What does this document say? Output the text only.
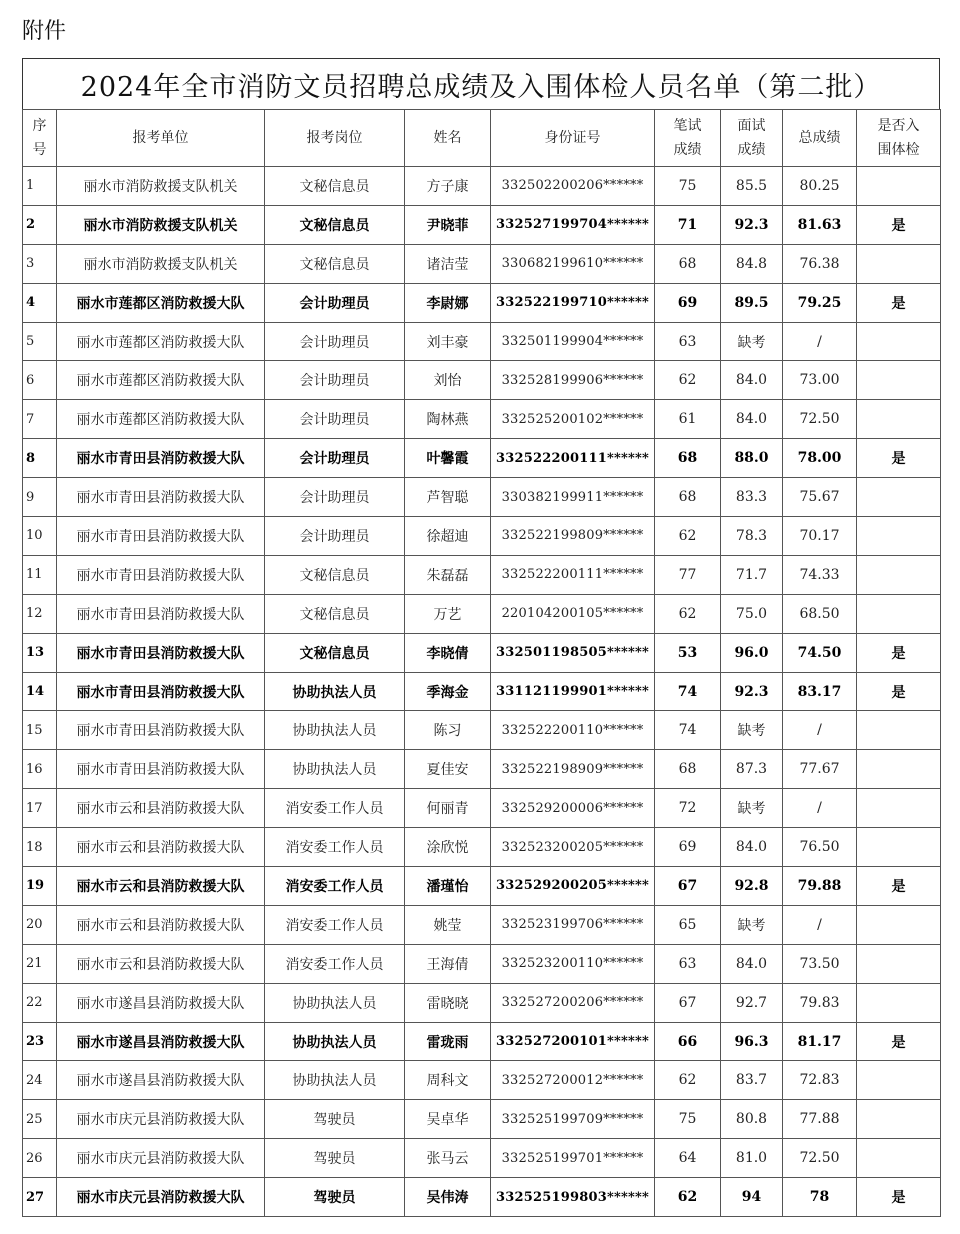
附件
2024年全市消防文员招聘总成绩及入围体检人员名单（第二批）
序号	报考单位	报考岗位	姓名	身份证号	笔试成绩	面试成绩	总成绩	是否入围体检
1	丽水市消防救援支队机关	文秘信息员	方子康	332502200206******	75	85.5	80.25	
2	丽水市消防救援支队机关	文秘信息员	尹晓菲	332527199704******	71	92.3	81.63	是
3	丽水市消防救援支队机关	文秘信息员	诸洁莹	330682199610******	68	84.8	76.38	
4	丽水市莲都区消防救援大队	会计助理员	李尉娜	332522199710******	69	89.5	79.25	是
5	丽水市莲都区消防救援大队	会计助理员	刘丰豪	332501199904******	63	缺考	/	
6	丽水市莲都区消防救援大队	会计助理员	刘怡	332528199906******	62	84.0	73.00	
7	丽水市莲都区消防救援大队	会计助理员	陶林燕	332525200102******	61	84.0	72.50	
8	丽水市青田县消防救援大队	会计助理员	叶馨霞	332522200111******	68	88.0	78.00	是
9	丽水市青田县消防救援大队	会计助理员	芦智聪	330382199911******	68	83.3	75.67	
10	丽水市青田县消防救援大队	会计助理员	徐超迪	332522199809******	62	78.3	70.17	
11	丽水市青田县消防救援大队	文秘信息员	朱磊磊	332522200111******	77	71.7	74.33	
12	丽水市青田县消防救援大队	文秘信息员	万艺	220104200105******	62	75.0	68.50	
13	丽水市青田县消防救援大队	文秘信息员	李晓倩	332501198505******	53	96.0	74.50	是
14	丽水市青田县消防救援大队	协助执法人员	季海金	331121199901******	74	92.3	83.17	是
15	丽水市青田县消防救援大队	协助执法人员	陈习	332522200110******	74	缺考	/	
16	丽水市青田县消防救援大队	协助执法人员	夏佳安	332522198909******	68	87.3	77.67	
17	丽水市云和县消防救援大队	消安委工作人员	何丽青	332529200006******	72	缺考	/	
18	丽水市云和县消防救援大队	消安委工作人员	涂欣悦	332523200205******	69	84.0	76.50	
19	丽水市云和县消防救援大队	消安委工作人员	潘瑾怡	332529200205******	67	92.8	79.88	是
20	丽水市云和县消防救援大队	消安委工作人员	姚莹	332523199706******	65	缺考	/	
21	丽水市云和县消防救援大队	消安委工作人员	王海倩	332523200110******	63	84.0	73.50	
22	丽水市遂昌县消防救援大队	协助执法人员	雷晓晓	332527200206******	67	92.7	79.83	
23	丽水市遂昌县消防救援大队	协助执法人员	雷珑雨	332527200101******	66	96.3	81.17	是
24	丽水市遂昌县消防救援大队	协助执法人员	周科文	332527200012******	62	83.7	72.83	
25	丽水市庆元县消防救援大队	驾驶员	吴卓华	332525199709******	75	80.8	77.88	
26	丽水市庆元县消防救援大队	驾驶员	张马云	332525199701******	64	81.0	72.50	
27	丽水市庆元县消防救援大队	驾驶员	吴伟涛	332525199803******	62	94	78	是
